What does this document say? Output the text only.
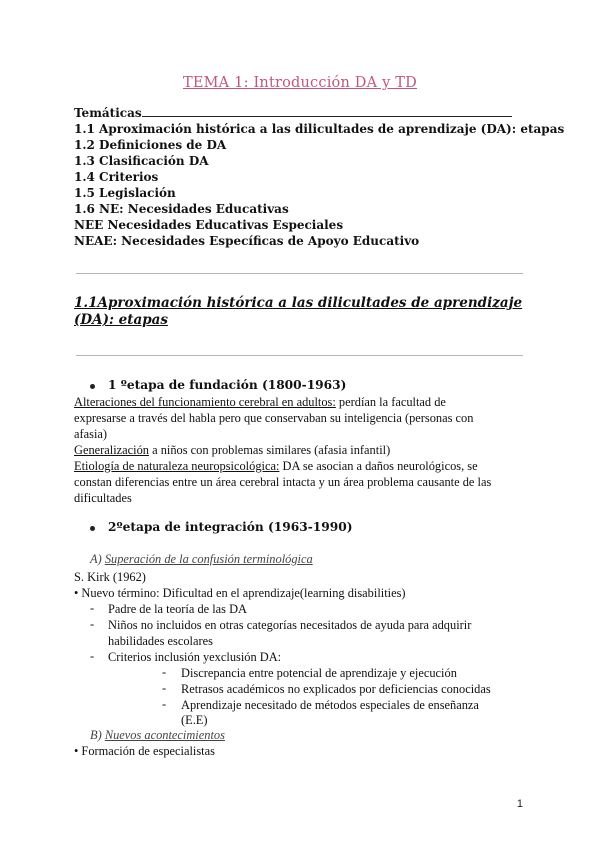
TEMA 1: Introducción DA y TD
Temáticas
1.1 Aproximación histórica a las dilicultades de aprendizaje (DA): etapas
1.2 Definiciones de DA
1.3 Clasificación DA
1.4 Criterios
1.5 Legislación
1.6 NE: Necesidades Educativas
NEE Necesidades Educativas Especiales
NEAE: Necesidades Específicas de Apoyo Educativo
1.1Aproximación histórica a las dilicultades de aprendizaje (DA): etapas
1 ºetapa de fundación (1800-1963)
Alteraciones del funcionamiento cerebral en adultos: perdían la facultad de
expresarse a través del habla pero que conservaban su inteligencia (personas con
afasia)
Generalización a niños con problemas similares (afasia infantil)
Etiología de naturaleza neuropsicológica: DA se asocian a daños neurológicos, se
constan diferencias entre un área cerebral intacta y un área problema causante de las
dificultades
2ºetapa de integración (1963-1990)
A) Superación de la confusión terminológica
S. Kirk (1962)
• Nuevo término: Dificultad en el aprendizaje(learning disabilities)
- Padre de la teoría de las DA
- Niños no incluidos en otras categorías necesitados de ayuda para adquirir
habilidades escolares
- Criterios inclusión yexclusión DA:
- Discrepancia entre potencial de aprendizaje y ejecución
- Retrasos académicos no explicados por deficiencias conocidas
- Aprendizaje necesitado de métodos especiales de enseñanza
(E.E)
B) Nuevos acontecimientos
• Formación de especialistas
1
